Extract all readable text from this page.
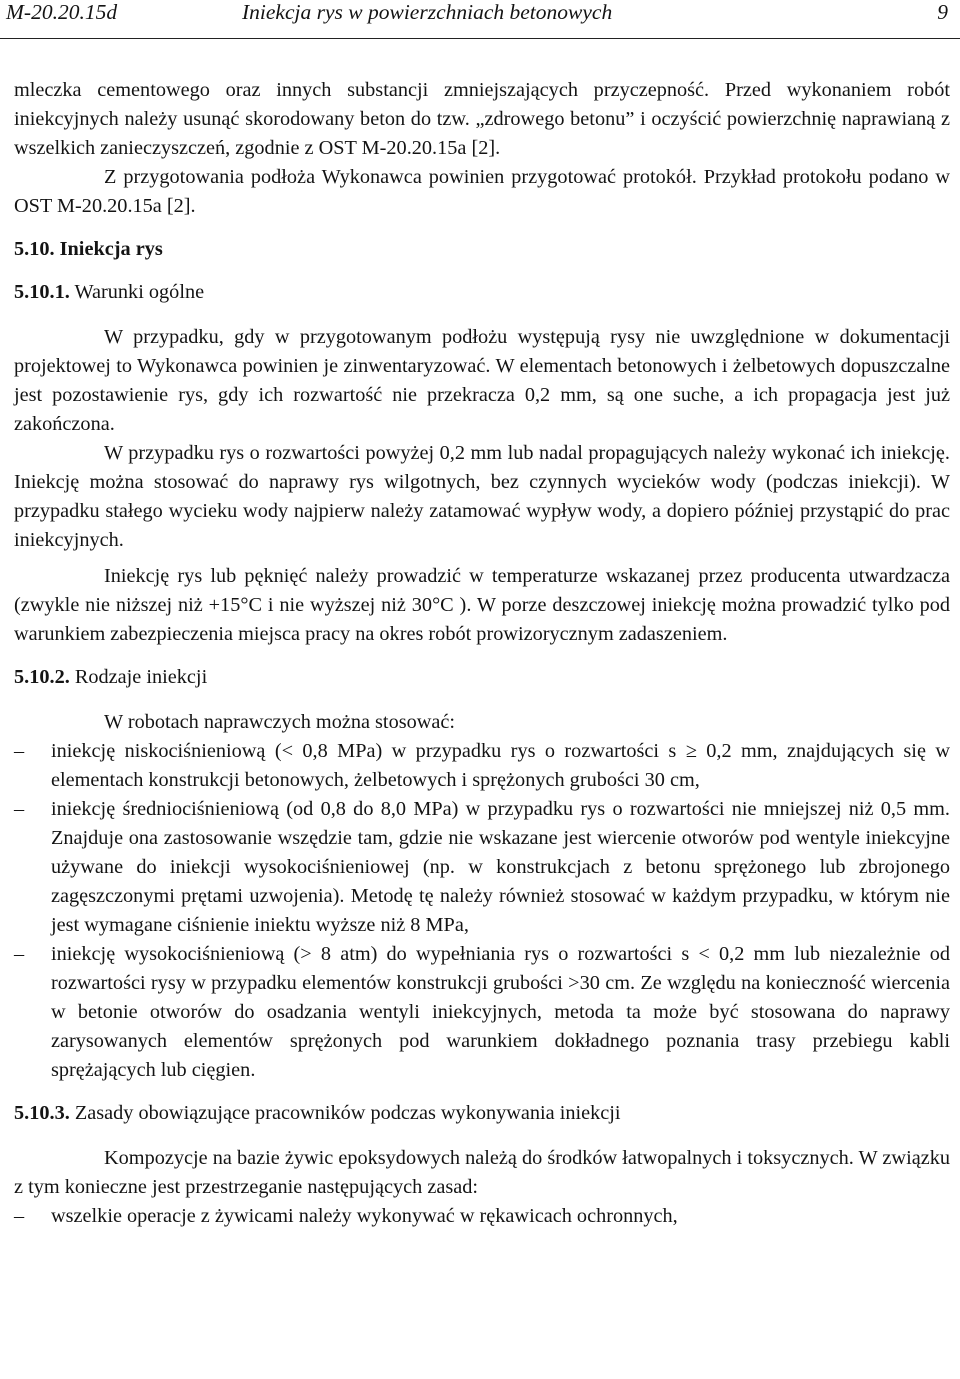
M-20.20.15d	Iniekcja rys w powierzchniach betonowych	9

mleczka cementowego oraz innych substancji zmniejszających przyczepność. Przed wykonaniem robót iniekcyjnych należy usunąć skorodowany beton do tzw. „zdrowego betonu” i oczyścić powierzchnię naprawianą z wszelkich zanieczyszczeń, zgodnie z OST M-20.20.15a [2].

Z przygotowania podłoża Wykonawca powinien przygotować protokół. Przykład protokołu podano w OST M-20.20.15a [2].

5.10. Iniekcja rys
5.10.1. Warunki ogólne

W przypadku, gdy w przygotowanym podłożu występują rysy nie uwzględnione w dokumentacji projektowej to Wykonawca powinien je zinwentaryzować. W elementach betonowych i żelbetowych dopuszczalne jest pozostawienie rys, gdy ich rozwartość nie przekracza 0,2 mm, są one suche, a ich propagacja jest już zakończona.

W przypadku rys o rozwartości powyżej 0,2 mm lub nadal propagujących należy wykonać ich iniekcję. Iniekcję można stosować do naprawy rys wilgotnych, bez czynnych wycieków wody (podczas iniekcji). W przypadku stałego wycieku wody najpierw należy zatamować wypływ wody, a dopiero później przystąpić do prac iniekcyjnych.

Iniekcję rys lub pęknięć należy prowadzić w temperaturze wskazanej przez producenta utwardzacza (zwykle nie niższej niż +15°C i nie wyższej niż 30°C ). W porze deszczowej iniekcję można prowadzić tylko pod warunkiem zabezpieczenia miejsca pracy na okres robót prowizorycznym zadaszeniem.

5.10.2. Rodzaje iniekcji

W robotach naprawczych można stosować:

–	iniekcję niskociśnieniową (< 0,8 MPa) w przypadku rys o rozwartości s ≥ 0,2 mm, znajdujących się w elementach konstrukcji betonowych, żelbetowych i sprężonych grubości 30 cm,
–	iniekcję średniociśnieniową (od 0,8 do 8,0 MPa) w przypadku rys o rozwartości nie mniejszej niż 0,5 mm. Znajduje ona zastosowanie wszędzie tam, gdzie nie wskazane jest wiercenie otworów pod wentyle iniekcyjne używane do iniekcji wysokociśnieniowej (np. w konstrukcjach z betonu sprężonego lub zbrojonego zagęszczonymi prętami uzwojenia). Metodę tę należy również stosować w każdym przypadku, w którym nie jest wymagane ciśnienie iniektu wyższe niż 8 MPa,
–	iniekcję wysokociśnieniową (> 8 atm) do wypełniania rys o rozwartości s < 0,2 mm lub niezależnie od rozwartości rysy w przypadku elementów konstrukcji grubości >30 cm. Ze względu na konieczność wiercenia w betonie otworów do osadzania wentyli iniekcyjnych, metoda ta może być stosowana do naprawy zarysowanych elementów sprężonych pod warunkiem dokładnego poznania trasy przebiegu kabli sprężających lub cięgien.
5.10.3. Zasady obowiązujące pracowników podczas wykonywania iniekcji

Kompozycje na bazie żywic epoksydowych należą do środków łatwopalnych i toksycznych. W związku z tym konieczne jest przestrzeganie następujących zasad:

–	wszelkie operacje z żywicami należy wykonywać w rękawicach ochronnych,
